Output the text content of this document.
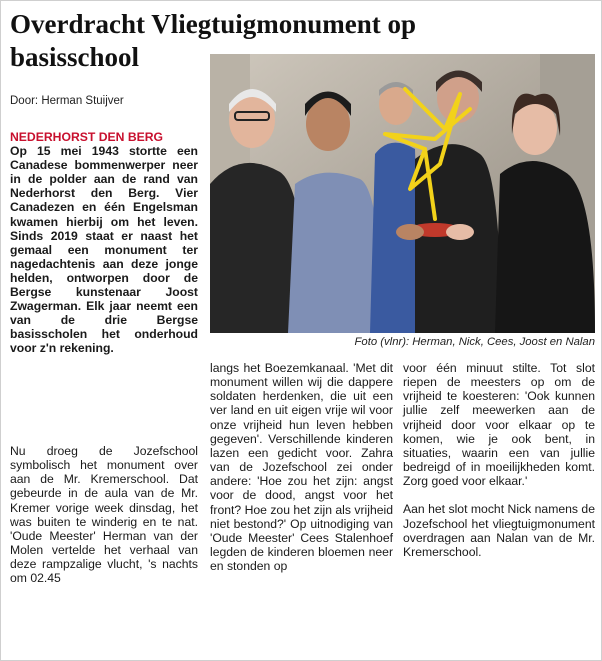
Overdracht Vliegtuigmonument op
basisschool
Door: Herman Stuijver
NEDERHORST DEN BERG
Op 15 mei 1943 stortte een Canadese bommenwerper neer in de polder aan de rand van Nederhorst den Berg. Vier Canadezen en één Engelsman kwamen hierbij om het leven. Sinds 2019 staat er naast het gemaal een monument ter nagedachtenis aan deze jonge helden, ontworpen door de Bergse kunstenaar Joost Zwagerman. Elk jaar neemt een van de drie Bergse basisscholen het onderhoud voor z'n rekening.

Nu droeg de Jozefschool symbolisch het monument over aan de Mr. Kremerschool. Dat gebeurde in de aula van de Mr. Kremer vorige week dinsdag, het was buiten te winderig en te nat. 'Oude Meester' Herman van der Molen vertelde het verhaal van deze rampzalige vlucht, 's nachts om 02.45

Foto (vlnr): Herman, Nick, Cees, Joost en Nalan

langs het Boezemkanaal. 'Met dit monument willen wij die dappere soldaten herdenken, die uit een ver land en uit eigen vrije wil voor onze vrijheid hun leven hebben gegeven'. Verschillende kinderen lazen een gedicht voor. Zahra van de Jozefschool zei onder andere: 'Hoe zou het zijn: angst voor de dood, angst voor het front? Hoe zou het zijn als vrijheid niet bestond?' Op uitnodiging van 'Oude Meester' Cees Stalenhoef legden de kinderen bloemen neer en stonden op

voor één minuut stilte. Tot slot riepen de meesters op om de vrijheid te koesteren: 'Ook kunnen jullie zelf meewerken aan de vrijheid door voor elkaar op te komen, wie je ook bent, in situaties, waarin een van jullie bedreigd of in moeilijkheden komt. Zorg goed voor elkaar.'

Aan het slot mocht Nick namens de Jozefschool het vliegtuigmonument overdragen aan Nalan van de Mr. Kremerschool.
